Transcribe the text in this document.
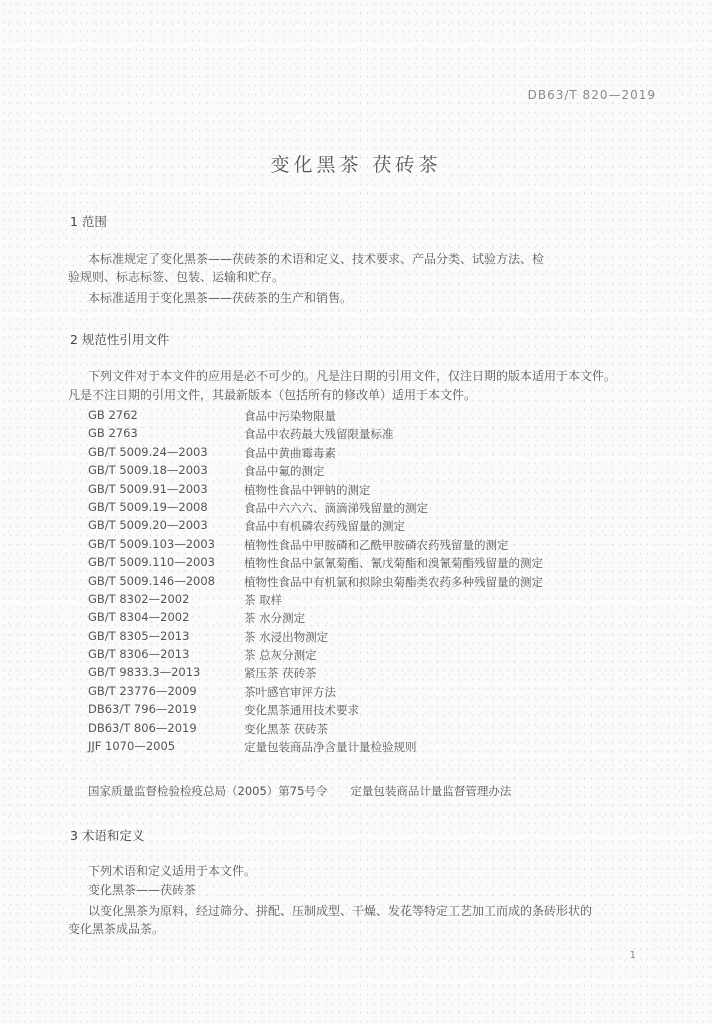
DB63/T 820—2019
变化黑茶 茯砖茶
1 范围
本标准规定了变化黑茶——茯砖茶的术语和定义、技术要求、产品分类、试验方法、检
验规则、标志标签、包装、运输和贮存。
本标准适用于变化黑茶——茯砖茶的生产和销售。
2 规范性引用文件
下列文件对于本文件的应用是必不可少的。凡是注日期的引用文件，仅注日期的版本适用于本文件。
凡是不注日期的引用文件，其最新版本（包括所有的修改单）适用于本文件。
GB 2762	食品中污染物限量
GB 2763	食品中农药最大残留限量标准
GB/T 5009.24—2003	食品中黄曲霉毒素
GB/T 5009.18—2003	食品中氟的测定
GB/T 5009.91—2003	植物性食品中钾钠的测定
GB/T 5009.19—2008	食品中六六六、滴滴涕残留量的测定
GB/T 5009.20—2003	食品中有机磷农药残留量的测定
GB/T 5009.103—2003	植物性食品中甲胺磷和乙酰甲胺磷农药残留量的测定
GB/T 5009.110—2003	植物性食品中氯氰菊酯、氰戊菊酯和溴氰菊酯残留量的测定
GB/T 5009.146—2008	植物性食品中有机氯和拟除虫菊酯类农药多种残留量的测定
GB/T 8302—2002	茶 取样
GB/T 8304—2002	茶 水分测定
GB/T 8305—2013	茶 水浸出物测定
GB/T 8306—2013	茶 总灰分测定
GB/T 9833.3—2013	紧压茶 茯砖茶
GB/T 23776—2009	茶叶感官审评方法
DB63/T 796—2019	变化黑茶通用技术要求
DB63/T 806—2019	变化黑茶 茯砖茶
JJF 1070—2005	定量包装商品净含量计量检验规则
国家质量监督检验检疫总局（2005）第75号令　　定量包装商品计量监督管理办法
3 术语和定义
下列术语和定义适用于本文件。
变化黑茶——茯砖茶
以变化黑茶为原料，经过筛分、拼配、压制成型、干燥、发花等特定工艺加工而成的条砖形状的
变化黑茶成品茶。
1
